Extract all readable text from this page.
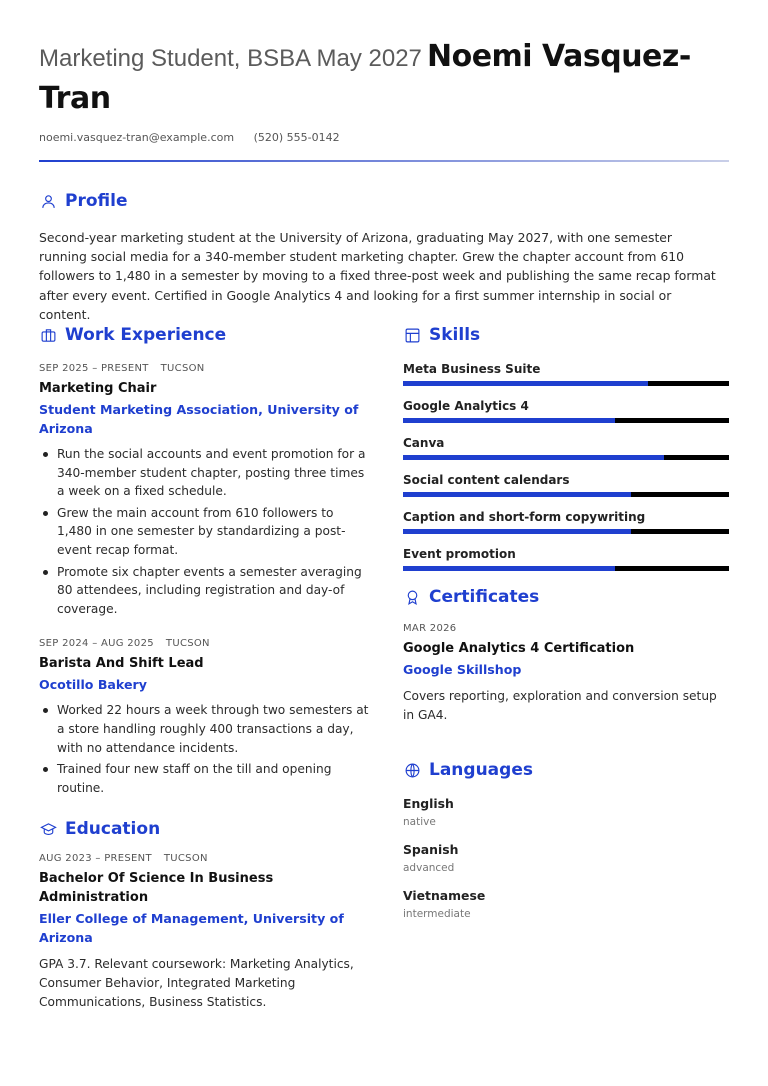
Marketing Student, BSBA May 2027 Noemi Vasquez-Tran
noemi.vasquez-tran@example.com (520) 555-0142
Profile
Second-year marketing student at the University of Arizona, graduating May 2027, with one semester running social media for a 340-member student marketing chapter. Grew the chapter account from 610 followers to 1,480 in a semester by moving to a fixed three-post week and publishing the same recap format after every event. Certified in Google Analytics 4 and looking for a first summer internship in social or content.
Work Experience
SEP 2025 – PRESENT TUCSON
Marketing Chair
Student Marketing Association, University of Arizona
Run the social accounts and event promotion for a 340-member student chapter, posting three times a week on a fixed schedule.
Grew the main account from 610 followers to 1,480 in one semester by standardizing a post-event recap format.
Promote six chapter events a semester averaging 80 attendees, including registration and day-of coverage.
SEP 2024 – AUG 2025 TUCSON
Barista And Shift Lead
Ocotillo Bakery
Worked 22 hours a week through two semesters at a store handling roughly 400 transactions a day, with no attendance incidents.
Trained four new staff on the till and opening routine.
Education
AUG 2023 – PRESENT TUCSON
Bachelor Of Science In Business Administration
Eller College of Management, University of Arizona
GPA 3.7. Relevant coursework: Marketing Analytics, Consumer Behavior, Integrated Marketing Communications, Business Statistics.
Skills
Meta Business Suite
Google Analytics 4
Canva
Social content calendars
Caption and short-form copywriting
Event promotion
Certificates
MAR 2026
Google Analytics 4 Certification
Google Skillshop
Covers reporting, exploration and conversion setup in GA4.
Languages
English
native
Spanish
advanced
Vietnamese
intermediate
